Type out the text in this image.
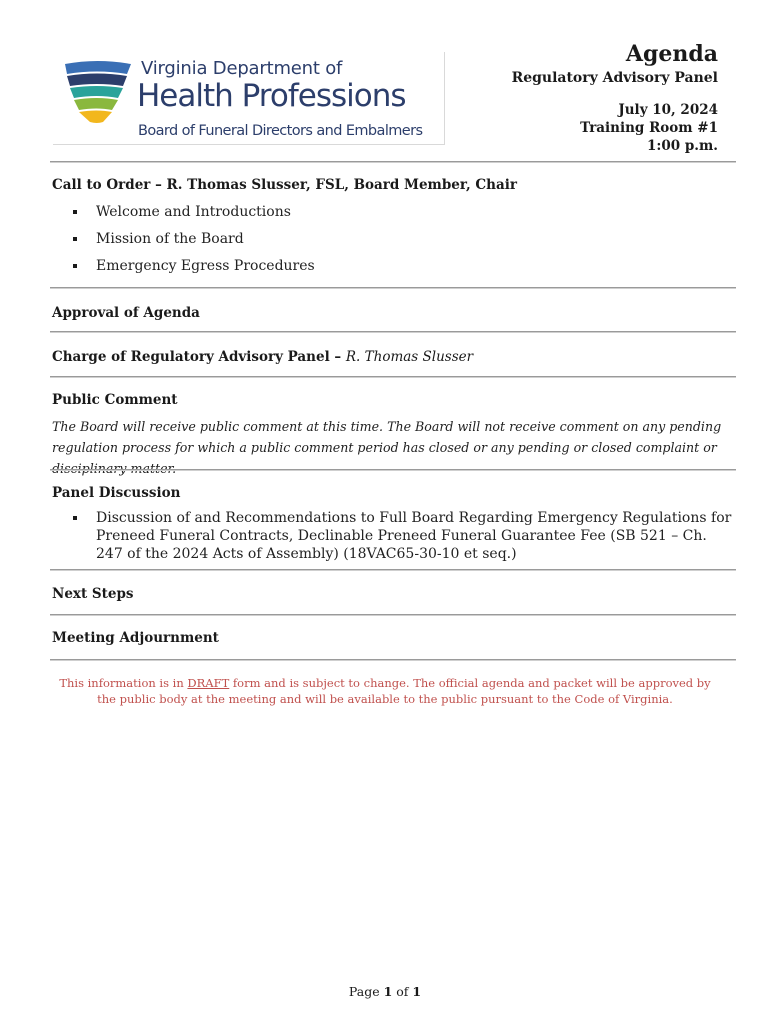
Virginia Department of
Health Professions
Board of Funeral Directors and Embalmers
Agenda
Regulatory Advisory Panel
July 10, 2024
Training Room #1
1:00 p.m.
Call to Order – R. Thomas Slusser, FSL, Board Member, Chair
Welcome and Introductions
Mission of the Board
Emergency Egress Procedures
Approval of Agenda
Charge of Regulatory Advisory Panel – R. Thomas Slusser
Public Comment
The Board will receive public comment at this time. The Board will not receive comment on any pending regulation process for which a public comment period has closed or any pending or closed complaint or disciplinary matter.
Panel Discussion
Discussion of and Recommendations to Full Board Regarding Emergency Regulations for Preneed Funeral Contracts, Declinable Preneed Funeral Guarantee Fee (SB 521 – Ch. 247 of the 2024 Acts of Assembly) (18VAC65-30-10 et seq.)
Next Steps
Meeting Adjournment
This information is in DRAFT form and is subject to change. The official agenda and packet will be approved by the public body at the meeting and will be available to the public pursuant to the Code of Virginia.
Page 1 of 1
